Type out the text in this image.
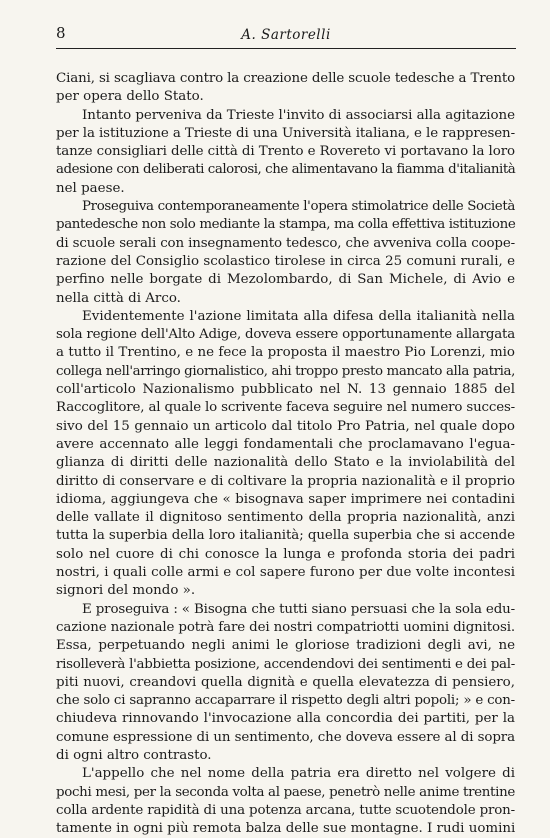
8	A. Sartorelli
Ciani, si scagliava contro la creazione delle scuole tedesche a Trento
per opera dello Stato.
Intanto perveniva da Trieste l'invito di associarsi alla agitazione
per la istituzione a Trieste di una Università italiana, e le rappresen-
tanze consigliari delle città di Trento e Rovereto vi portavano la loro
adesione con deliberati calorosi, che alimentavano la fiamma d'italianità
nel paese.
Proseguiva contemporaneamente l'opera stimolatrice delle Società
pantedesche non solo mediante la stampa, ma colla effettiva istituzione
di scuole serali con insegnamento tedesco, che avveniva colla coope-
razione del Consiglio scolastico tirolese in circa 25 comuni rurali, e
perfino nelle borgate di Mezolombardo, di San Michele, di Avio e
nella città di Arco.
Evidentemente l'azione limitata alla difesa della italianità nella
sola regione dell'Alto Adige, doveva essere opportunamente allargata
a tutto il Trentino, e ne fece la proposta il maestro Pio Lorenzi, mio
collega nell'arringo giornalistico, ahi troppo presto mancato alla patria,
coll'articolo Nazionalismo pubblicato nel N. 13 gennaio 1885 del
Raccoglitore, al quale lo scrivente faceva seguire nel numero succes-
sivo del 15 gennaio un articolo dal titolo Pro Patria, nel quale dopo
avere accennato alle leggi fondamentali che proclamavano l'egua-
glianza di diritti delle nazionalità dello Stato e la inviolabilità del
diritto di conservare e di coltivare la propria nazionalità e il proprio
idioma, aggiungeva che « bisognava saper imprimere nei contadini
delle vallate il dignitoso sentimento della propria nazionalità, anzi
tutta la superbia della loro italianità; quella superbia che si accende
solo nel cuore di chi conosce la lunga e profonda storia dei padri
nostri, i quali colle armi e col sapere furono per due volte incontesi
signori del mondo ».
E proseguiva : « Bisogna che tutti siano persuasi che la sola edu-
cazione nazionale potrà fare dei nostri compatriotti uomini dignitosi.
Essa, perpetuando negli animi le gloriose tradizioni degli avi, ne
risolleverà l'abbietta posizione, accendendovi dei sentimenti e dei pal-
piti nuovi, creandovi quella dignità e quella elevatezza di pensiero,
che solo ci sapranno accaparrare il rispetto degli altri popoli; » e con-
chiudeva rinnovando l'invocazione alla concordia dei partiti, per la
comune espressione di un sentimento, che doveva essere al di sopra
di ogni altro contrasto.
L'appello che nel nome della patria era diretto nel volgere di
pochi mesi, per la seconda volta al paese, penetrò nelle anime trentine
colla ardente rapidità di una potenza arcana, tutte scuotendole pron-
tamente in ogni più remota balza delle sue montagne. I rudi uomini
